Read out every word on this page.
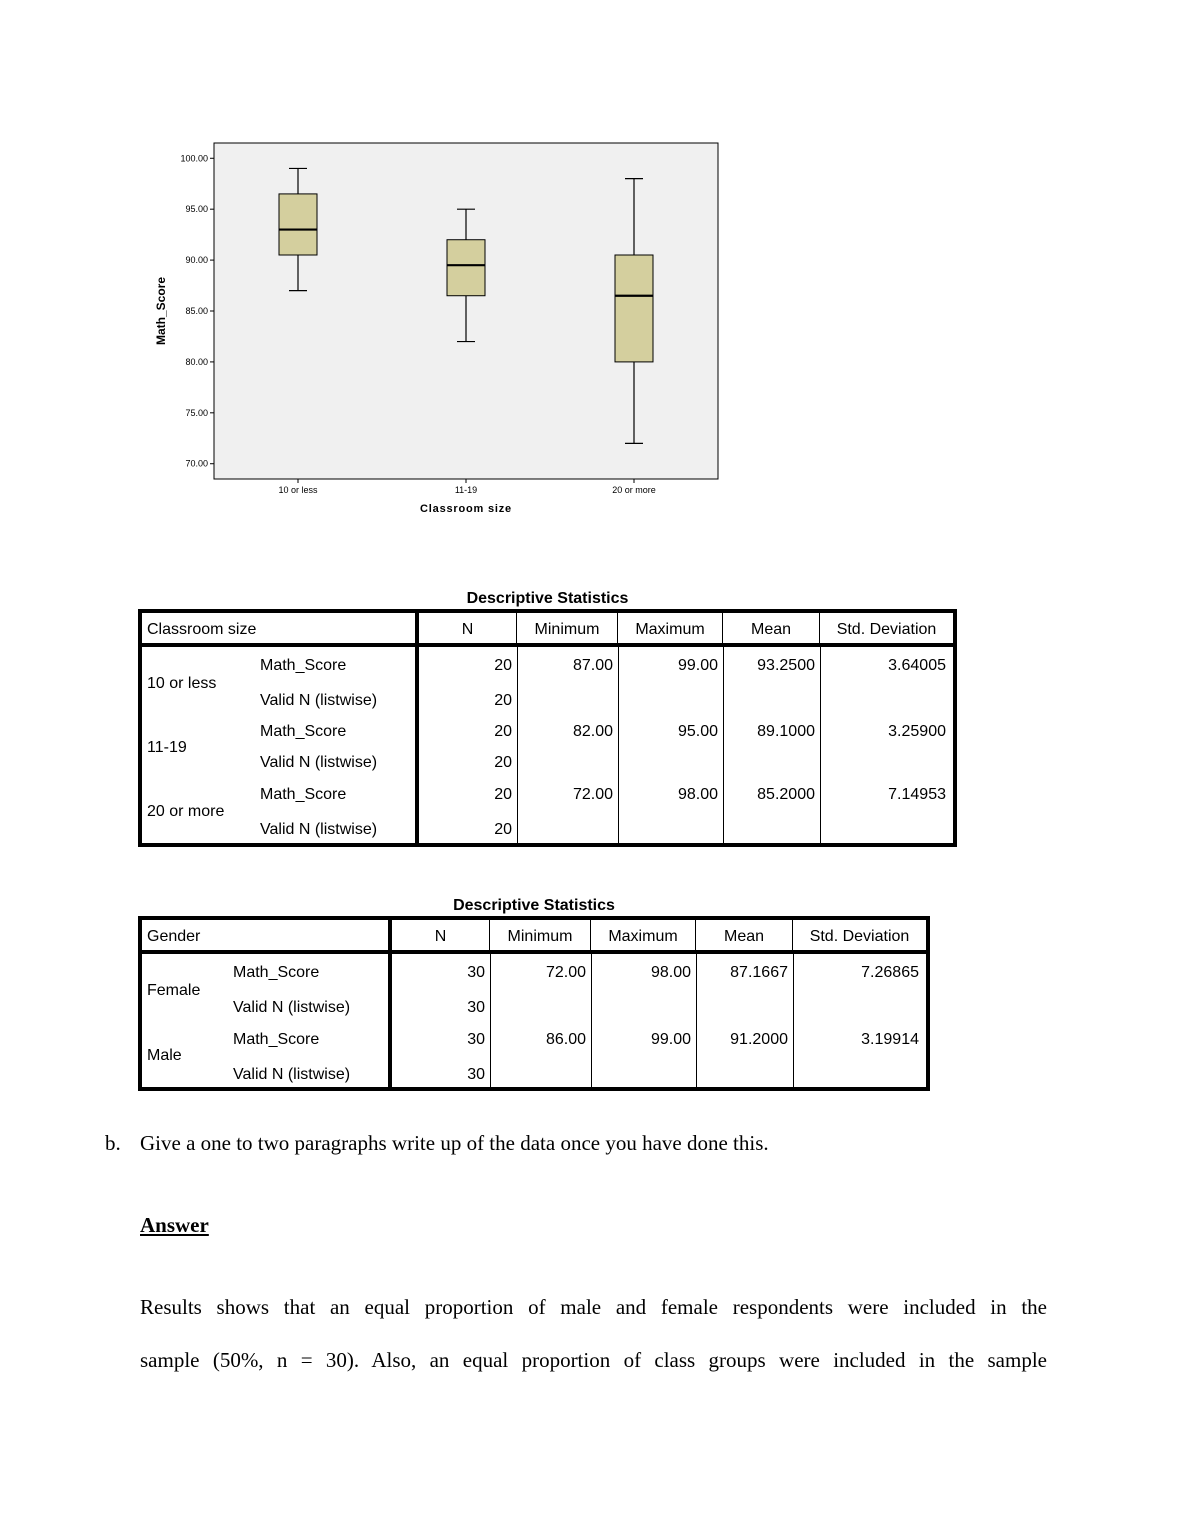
70.00
75.00
80.00
85.00
90.00
95.00
100.00
10 or less	11-19	20 or more
Classroom size
Math_Score
Descriptive Statistics
Classroom size	N	Minimum	Maximum	Mean	Std. Deviation
10 or less
Math_Score	20	87.00	99.00	93.2500	3.64005
Valid N (listwise)	20
11-19
Math_Score	20	82.00	95.00	89.1000	3.25900
Valid N (listwise)	20
20 or more
Math_Score	20	72.00	98.00	85.2000	7.14953
Valid N (listwise)	20
Descriptive Statistics
Gender	N	Minimum	Maximum	Mean	Std. Deviation
Female
Math_Score	30	72.00	98.00	87.1667	7.26865
Valid N (listwise)	30
Male
Math_Score	30	86.00	99.00	91.2000	3.19914
Valid N (listwise)	30
b. Give a one to two paragraphs write up of the data once you have done this.
Answer
Results shows that an equal proportion of male and female respondents were included in the
sample (50%, n = 30). Also, an equal proportion of class groups were included in the sample
